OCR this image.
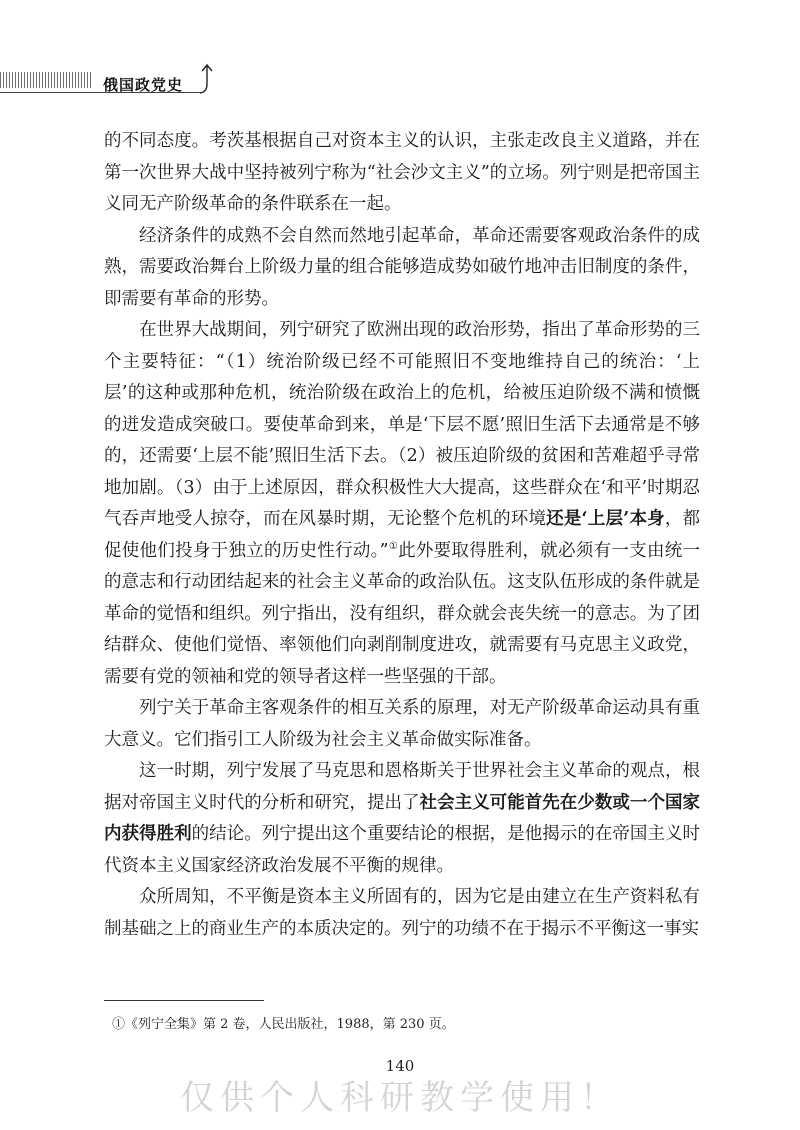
俄国政党史

的不同态度。考茨基根据自己对资本主义的认识，主张走改良主义道路，并在第一次世界大战中坚持被列宁称为“社会沙文主义”的立场。列宁则是把帝国主义同无产阶级革命的条件联系在一起。

经济条件的成熟不会自然而然地引起革命，革命还需要客观政治条件的成熟，需要政治舞台上阶级力量的组合能够造成势如破竹地冲击旧制度的条件，即需要有革命的形势。

在世界大战期间，列宁研究了欧洲出现的政治形势，指出了革命形势的三个主要特征：“（1）统治阶级已经不可能照旧不变地维持自己的统治：‘上层’的这种或那种危机，统治阶级在政治上的危机，给被压迫阶级不满和愤慨的迸发造成突破口。要使革命到来，单是‘下层不愿’照旧生活下去通常是不够的，还需要‘上层不能’照旧生活下去。（2）被压迫阶级的贫困和苦难超乎寻常地加剧。（3）由于上述原因，群众积极性大大提高，这些群众在‘和平’时期忍气吞声地受人掠夺，而在风暴时期，无论整个危机的环境还是‘上层’本身，都促使他们投身于独立的历史性行动。”①此外要取得胜利，就必须有一支由统一的意志和行动团结起来的社会主义革命的政治队伍。这支队伍形成的条件就是革命的觉悟和组织。列宁指出，没有组织，群众就会丧失统一的意志。为了团结群众、使他们觉悟、率领他们向剥削制度进攻，就需要有马克思主义政党，需要有党的领袖和党的领导者这样一些坚强的干部。

列宁关于革命主客观条件的相互关系的原理，对无产阶级革命运动具有重大意义。它们指引工人阶级为社会主义革命做实际准备。

这一时期，列宁发展了马克思和恩格斯关于世界社会主义革命的观点，根据对帝国主义时代的分析和研究，提出了社会主义可能首先在少数或一个国家内获得胜利的结论。列宁提出这个重要结论的根据，是他揭示的在帝国主义时代资本主义国家经济政治发展不平衡的规律。

众所周知，不平衡是资本主义所固有的，因为它是由建立在生产资料私有制基础之上的商业生产的本质决定的。列宁的功绩不在于揭示不平衡这一事实

①《列宁全集》第 2 卷，人民出版社，1988，第 230 页。
140
仅供个人科研教学使用！
